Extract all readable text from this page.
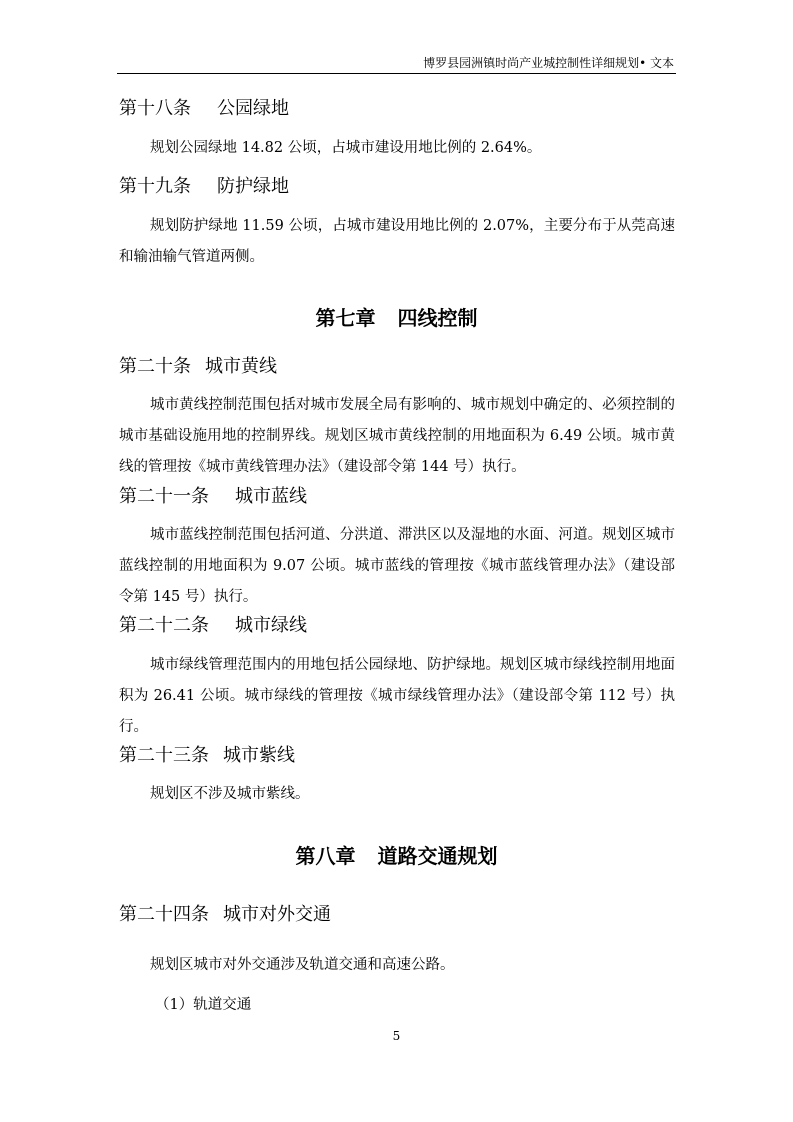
博罗县园洲镇时尚产业城控制性详细规划• 文本
第十八条 公园绿地
规划公园绿地 14.82 公顷，占城市建设用地比例的 2.64%。
第十九条 防护绿地
规划防护绿地 11.59 公顷，占城市建设用地比例的 2.07%，主要分布于从莞高速和输油输气管道两侧。
第七章 四线控制
第二十条 城市黄线
城市黄线控制范围包括对城市发展全局有影响的、城市规划中确定的、必须控制的城市基础设施用地的控制界线。规划区城市黄线控制的用地面积为 6.49 公顷。城市黄线的管理按《城市黄线管理办法》（建设部令第 144 号）执行。
第二十一条 城市蓝线
城市蓝线控制范围包括河道、分洪道、滞洪区以及湿地的水面、河道。规划区城市蓝线控制的用地面积为 9.07 公顷。城市蓝线的管理按《城市蓝线管理办法》（建设部令第 145 号）执行。
第二十二条 城市绿线
城市绿线管理范围内的用地包括公园绿地、防护绿地。规划区城市绿线控制用地面积为 26.41 公顷。城市绿线的管理按《城市绿线管理办法》（建设部令第 112 号）执行。
第二十三条 城市紫线
规划区不涉及城市紫线。
第八章 道路交通规划
第二十四条 城市对外交通
规划区城市对外交通涉及轨道交通和高速公路。
（1）轨道交通
5
